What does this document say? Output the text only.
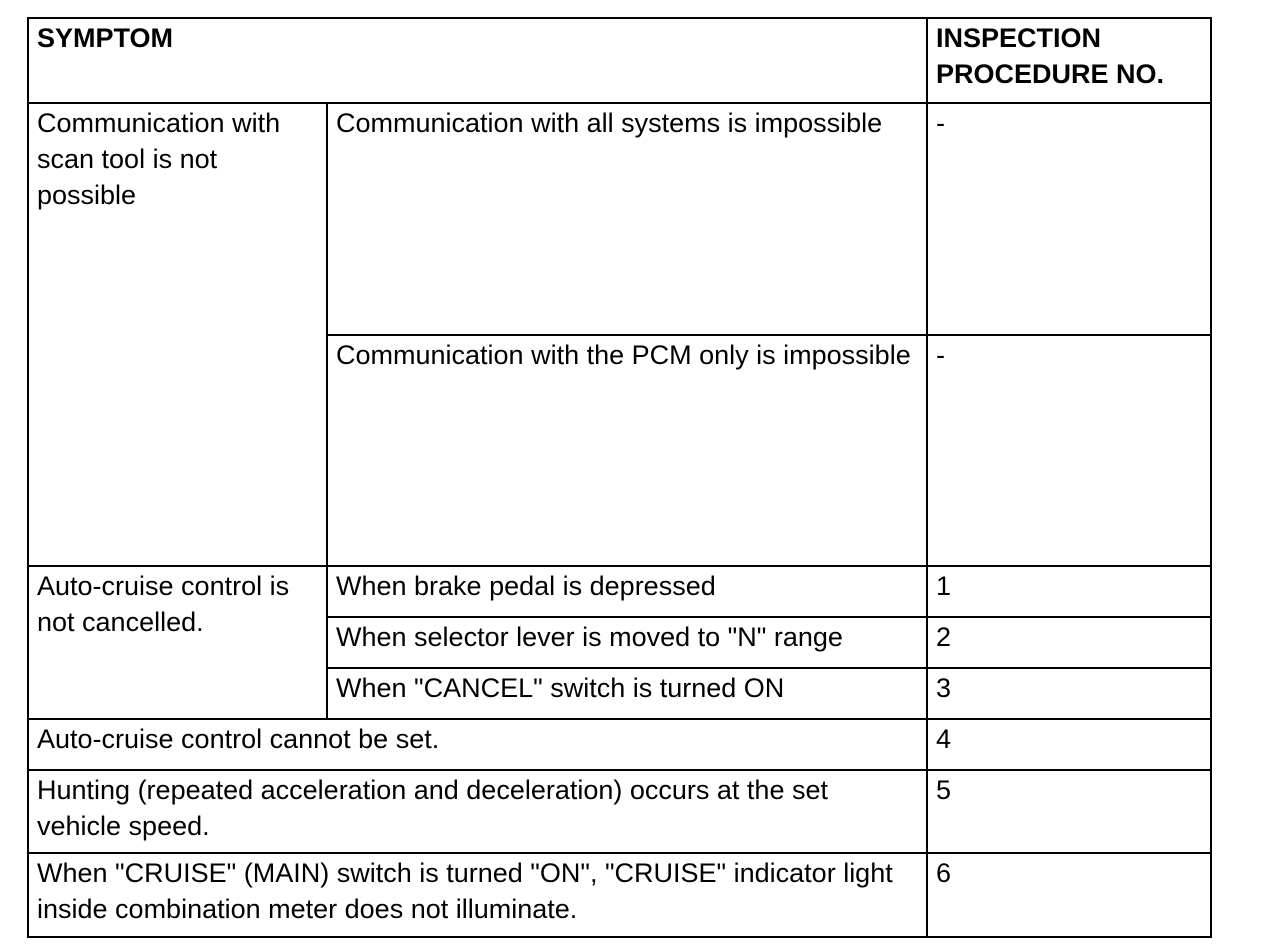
SYMPTOM		INSPECTION PROCEDURE NO.

Communication with scan tool is not possible	Communication with all systems is impossible	-

	Communication with the PCM only is impossible	-

Auto-cruise control is not cancelled.	When brake pedal is depressed	1

	When selector lever is moved to "N" range	2

	When "CANCEL" switch is turned ON	3

Auto-cruise control cannot be set.		4

Hunting (repeated acceleration and deceleration) occurs at the set vehicle speed.		5

When "CRUISE" (MAIN) switch is turned "ON", "CRUISE" indicator light inside combination meter does not illuminate.		6
